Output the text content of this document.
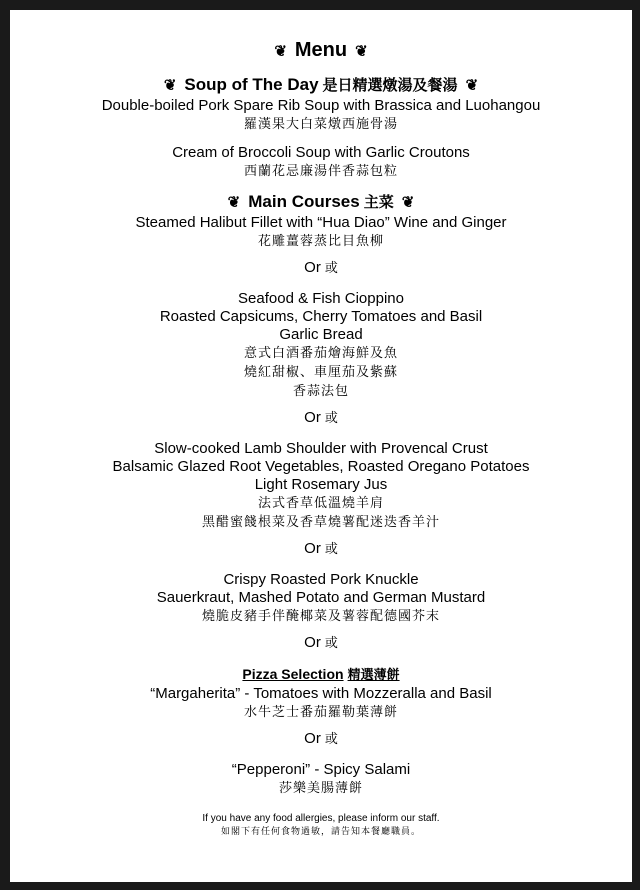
❦ Menu ❦
❦ Soup of The Day 是日精選燉湯及餐湯 ❦
Double-boiled Pork Spare Rib Soup with Brassica and Luohangou
羅漢果大白菜燉西施骨湯
Cream of Broccoli Soup with Garlic Croutons
西蘭花忌廉湯伴香蒜包粒
❦ Main Courses 主菜 ❦
Steamed Halibut Fillet with “Hua Diao” Wine and Ginger
花雕薑蓉蒸比目魚柳
Or 或
Seafood & Fish Cioppino
Roasted Capsicums, Cherry Tomatoes and Basil
Garlic Bread
意式白酒番茄燴海鮮及魚
燒紅甜椒、車厘茄及紫蘇
香蒜法包
Or 或
Slow-cooked Lamb Shoulder with Provencal Crust
Balsamic Glazed Root Vegetables, Roasted Oregano Potatoes
Light Rosemary Jus
法式香草低溫燒羊肩
黑醋蜜餞根菜及香草燒薯配迷迭香羊汁
Or 或
Crispy Roasted Pork Knuckle
Sauerkraut, Mashed Potato and German Mustard
燒脆皮豬手伴醃椰菜及薯蓉配德國芥末
Or 或
Pizza Selection 精選薄餅
“Margaherita” - Tomatoes with Mozzeralla and Basil
水牛芝士番茄羅勒葉薄餅
Or 或
“Pepperoni” - Spicy Salami
莎樂美腸薄餅
If you have any food allergies, please inform our staff.
如閣下有任何食物過敏，請告知本餐廳職員。
